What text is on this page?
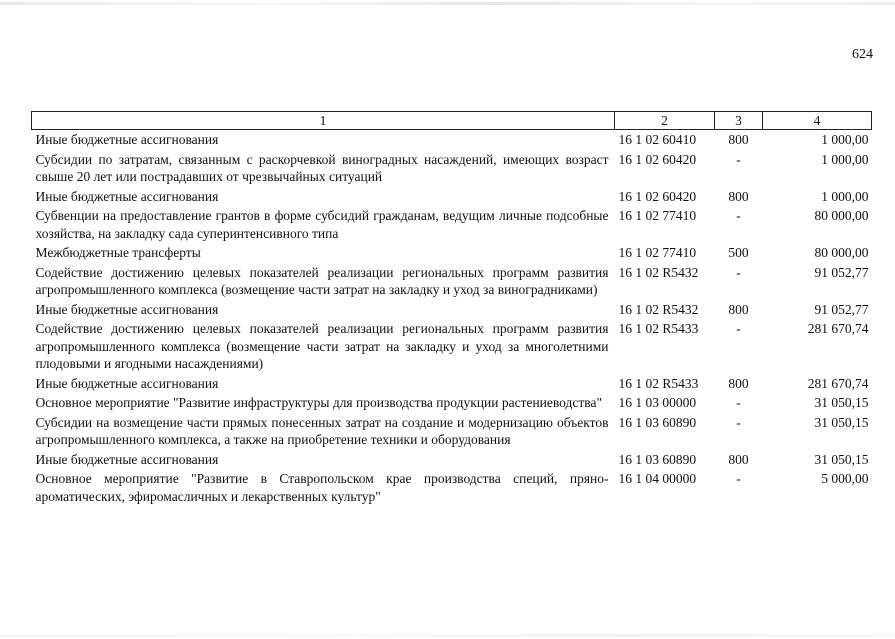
624
1	2	3	4
Иные бюджетные ассигнования	16 1 02 60410	800	1 000,00
Субсидии по затратам, связанным с раскорчевкой виноградных насаждений, имеющих возраст свыше 20 лет или пострадавших от чрезвычайных ситуаций	16 1 02 60420	-	1 000,00
Иные бюджетные ассигнования	16 1 02 60420	800	1 000,00
Субвенции на предоставление грантов в форме субсидий гражданам, ведущим личные подсобные хозяйства, на закладку сада суперинтенсивного типа	16 1 02 77410	-	80 000,00
Межбюджетные трансферты	16 1 02 77410	500	80 000,00
Содействие достижению целевых показателей реализации региональных программ развития агропромышленного комплекса (возмещение части затрат на закладку и уход за виноградниками)	16 1 02 R5432	-	91 052,77
Иные бюджетные ассигнования	16 1 02 R5432	800	91 052,77
Содействие достижению целевых показателей реализации региональных программ развития агропромышленного комплекса (возмещение части затрат на закладку и уход за многолетними плодовыми и ягодными насаждениями)	16 1 02 R5433	-	281 670,74
Иные бюджетные ассигнования	16 1 02 R5433	800	281 670,74
Основное мероприятие "Развитие инфраструктуры для производства продукции растениеводства"	16 1 03 00000	-	31 050,15
Субсидии на возмещение части прямых понесенных затрат на создание и модернизацию объектов агропромышленного комплекса, а также на приобретение техники и оборудования	16 1 03 60890	-	31 050,15
Иные бюджетные ассигнования	16 1 03 60890	800	31 050,15
Основное мероприятие "Развитие в Ставропольском крае производства специй, пряно-ароматических, эфиромасличных и лекарственных культур"	16 1 04 00000	-	5 000,00
